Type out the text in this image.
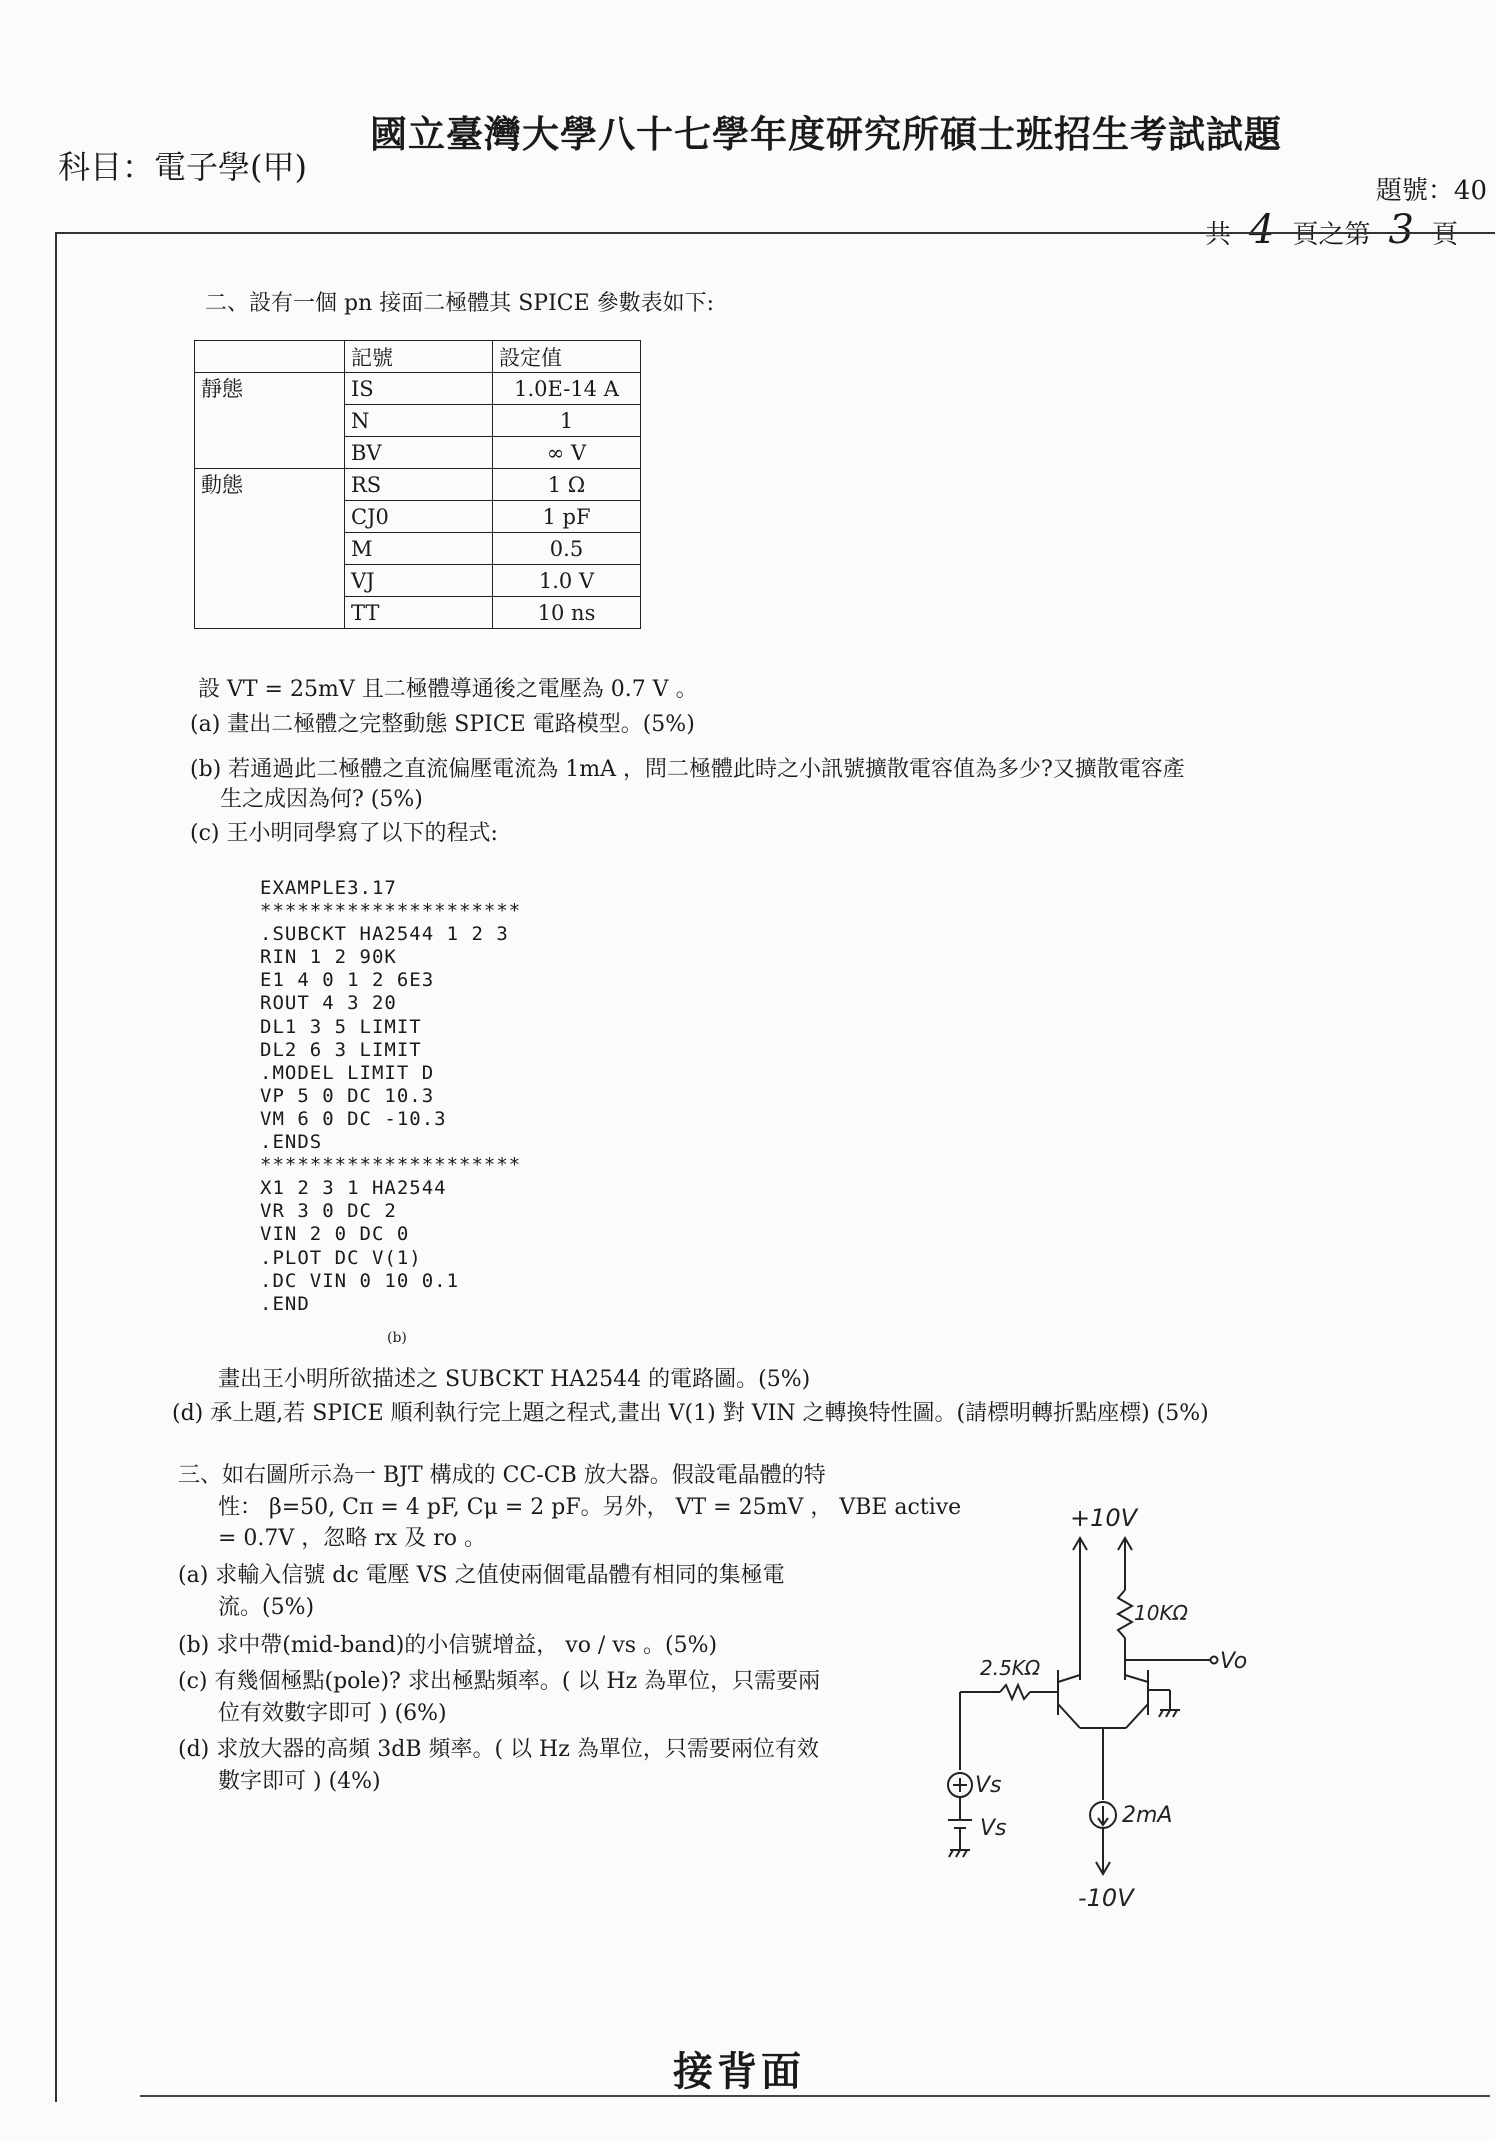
國立臺灣大學八十七學年度研究所碩士班招生考試試題
科目：電子學(甲)
題號：40
共 4 頁之第 3 頁
二、設有一個 pn 接面二極體其 SPICE 參數表如下:
	記號	設定值
靜態	IS	1.0E-14 A
	N	1
	BV	∞ V
動態	RS	1 Ω
	CJ0	1 pF
	M	0.5
	VJ	1.0 V
	TT	10 ns
設 VT = 25mV 且二極體導通後之電壓為 0.7 V 。
(a) 畫出二極體之完整動態 SPICE 電路模型。(5%)
(b) 若通過此二極體之直流偏壓電流為 1mA ，問二極體此時之小訊號擴散電容值為多少?又擴散電容產
生之成因為何? (5%)
(c) 王小明同學寫了以下的程式:
EXAMPLE3.17
*********************
.SUBCKT HA2544 1 2 3
RIN 1 2 90K
E1 4 0 1 2 6E3
ROUT 4 3 20
DL1 3 5 LIMIT
DL2 6 3 LIMIT
.MODEL LIMIT D
VP 5 0 DC 10.3
VM 6 0 DC -10.3
.ENDS
*********************
X1 2 3 1 HA2544
VR 3 0 DC 2
VIN 2 0 DC 0
.PLOT DC V(1)
.DC VIN 0 10 0.1
.END
(b)
畫出王小明所欲描述之 SUBCKT HA2544 的電路圖。(5%)
(d) 承上題,若 SPICE 順利執行完上題之程式,畫出 V(1) 對 VIN 之轉換特性圖。(請標明轉折點座標) (5%)
三、如右圖所示為一 BJT 構成的 CC-CB 放大器。假設電晶體的特
性： β=50, Cπ = 4 pF, Cμ = 2 pF。另外， VT = 25mV ， VBE active
= 0.7V ，忽略 rx 及 ro 。
(a) 求輸入信號 dc 電壓 VS 之值使兩個電晶體有相同的集極電
流。(5%)
(b) 求中帶(mid-band)的小信號增益， vo / vs 。(5%)
(c) 有幾個極點(pole)? 求出極點頻率。( 以 Hz 為單位，只需要兩
位有效數字即可 ) (6%)
(d) 求放大器的高頻 3dB 頻率。( 以 Hz 為單位，只需要兩位有效
數字即可 ) (4%)
+10V
10KΩ
Vo
2.5KΩ
Vs
Vs
2mA
-10V
接背面
